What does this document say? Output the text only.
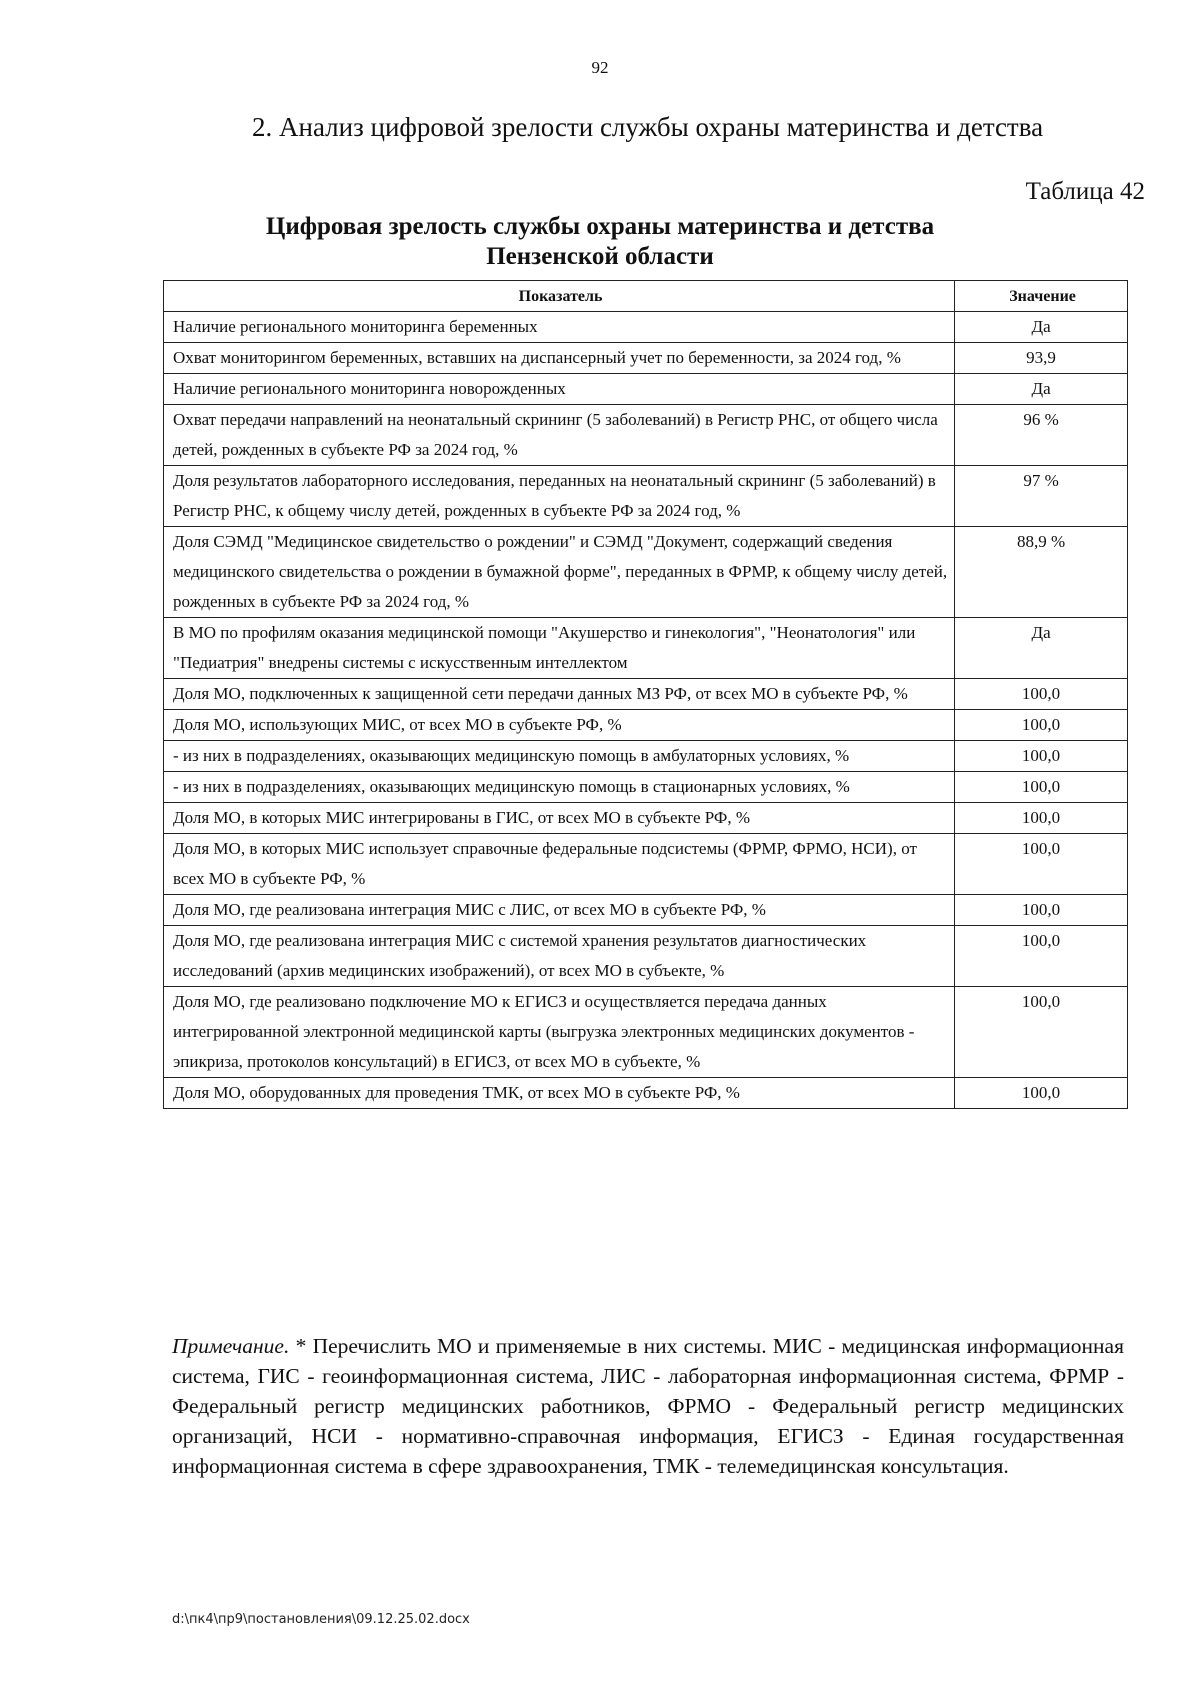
92
2. Анализ цифровой зрелости службы охраны материнства и детства
Таблица 42
Цифровая зрелость службы охраны материнства и детства
Пензенской области
Показатель	Значение
Наличие регионального мониторинга беременных	Да
Охват мониторингом беременных, вставших на диспансерный учет по беременности, за 2024 год, %	93,9
Наличие регионального мониторинга новорожденных	Да
Охват передачи направлений на неонатальный скрининг (5 заболеваний) в Регистр РНС, от общего числа детей, рожденных в субъекте РФ за 2024 год, %	96 %
Доля результатов лабораторного исследования, переданных на неонатальный скрининг (5 заболеваний) в Регистр РНС, к общему числу детей, рожденных в субъекте РФ за 2024 год, %	97 %
Доля СЭМД "Медицинское свидетельство о рождении" и СЭМД "Документ, содержащий сведения медицинского свидетельства о рождении в бумажной форме", переданных в ФРМР, к общему числу детей, рожденных в субъекте РФ за 2024 год, %	88,9 %
В МО по профилям оказания медицинской помощи "Акушерство и гинекология", "Неонатология" или "Педиатрия" внедрены системы с искусственным интеллектом	Да
Доля МО, подключенных к защищенной сети передачи данных МЗ РФ, от всех МО в субъекте РФ, %	100,0
Доля МО, использующих МИС, от всех МО в субъекте РФ, %	100,0
- из них в подразделениях, оказывающих медицинскую помощь в амбулаторных условиях, %	100,0
- из них в подразделениях, оказывающих медицинскую помощь в стационарных условиях, %	100,0
Доля МО, в которых МИС интегрированы в ГИС, от всех МО в субъекте РФ, %	100,0
Доля МО, в которых МИС использует справочные федеральные подсистемы (ФРМР, ФРМО, НСИ), от всех МО в субъекте РФ, %	100,0
Доля МО, где реализована интеграция МИС с ЛИС, от всех МО в субъекте РФ, %	100,0
Доля МО, где реализована интеграция МИС с системой хранения результатов диагностических исследований (архив медицинских изображений), от всех МО в субъекте, %	100,0
Доля МО, где реализовано подключение МО к ЕГИСЗ и осуществляется передача данных интегрированной электронной медицинской карты (выгрузка электронных медицинских документов - эпикриза, протоколов консультаций) в ЕГИСЗ, от всех МО в субъекте, %	100,0
Доля МО, оборудованных для проведения ТМК, от всех МО в субъекте РФ, %	100,0
Примечание. * Перечислить МО и применяемые в них системы. МИС - медицинская информационная система, ГИС - геоинформационная система, ЛИС - лабораторная информационная система, ФРМР - Федеральный регистр медицинских работников, ФРМО - Федеральный регистр медицинских организаций, НСИ - нормативно-справочная информация, ЕГИСЗ - Единая государственная информационная система в сфере здравоохранения, ТМК - телемедицинская консультация.
d:\пк4\пр9\постановления\09.12.25.02.docx
